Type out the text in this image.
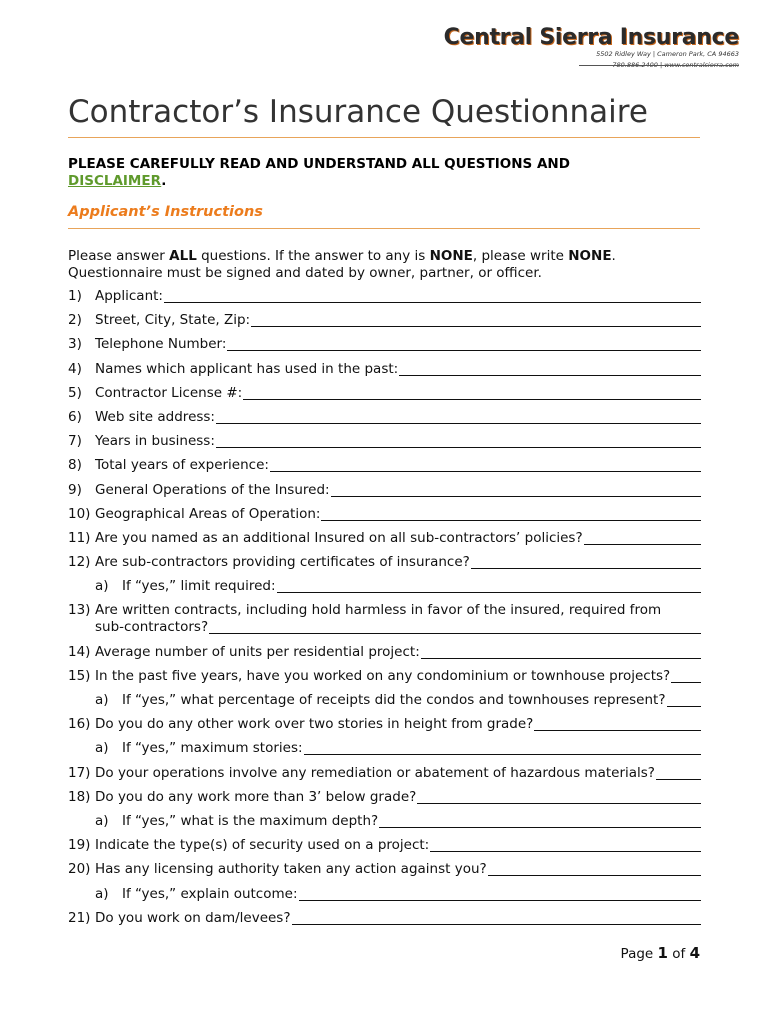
Central Sierra Insurance
5502 Ridley Way | Cameron Park, CA 94663
780.886.2400 | www.centralsierra.com
Contractor’s Insurance Questionnaire
PLEASE CAREFULLY READ AND UNDERSTAND ALL QUESTIONS AND
DISCLAIMER.
Applicant’s Instructions
Please answer ALL questions. If the answer to any is NONE, please write NONE.
Questionnaire must be signed and dated by owner, partner, or officer.
1) Applicant:
2) Street, City, State, Zip:
3) Telephone Number:
4) Names which applicant has used in the past:
5) Contractor License #:
6) Web site address:
7) Years in business:
8) Total years of experience:
9) General Operations of the Insured:
10) Geographical Areas of Operation:
11) Are you named as an additional Insured on all sub-contractors’ policies?
12) Are sub-contractors providing certificates of insurance?
a) If “yes,” limit required:
13) Are written contracts, including hold harmless in favor of the insured, required from
sub-contractors?
14) Average number of units per residential project:
15) In the past five years, have you worked on any condominium or townhouse projects?
a) If “yes,” what percentage of receipts did the condos and townhouses represent?
16) Do you do any other work over two stories in height from grade?
a) If “yes,” maximum stories:
17) Do your operations involve any remediation or abatement of hazardous materials?
18) Do you do any work more than 3’ below grade?
a) If “yes,” what is the maximum depth?
19) Indicate the type(s) of security used on a project:
20) Has any licensing authority taken any action against you?
a) If “yes,” explain outcome:
21) Do you work on dam/levees?
Page 1 of 4
